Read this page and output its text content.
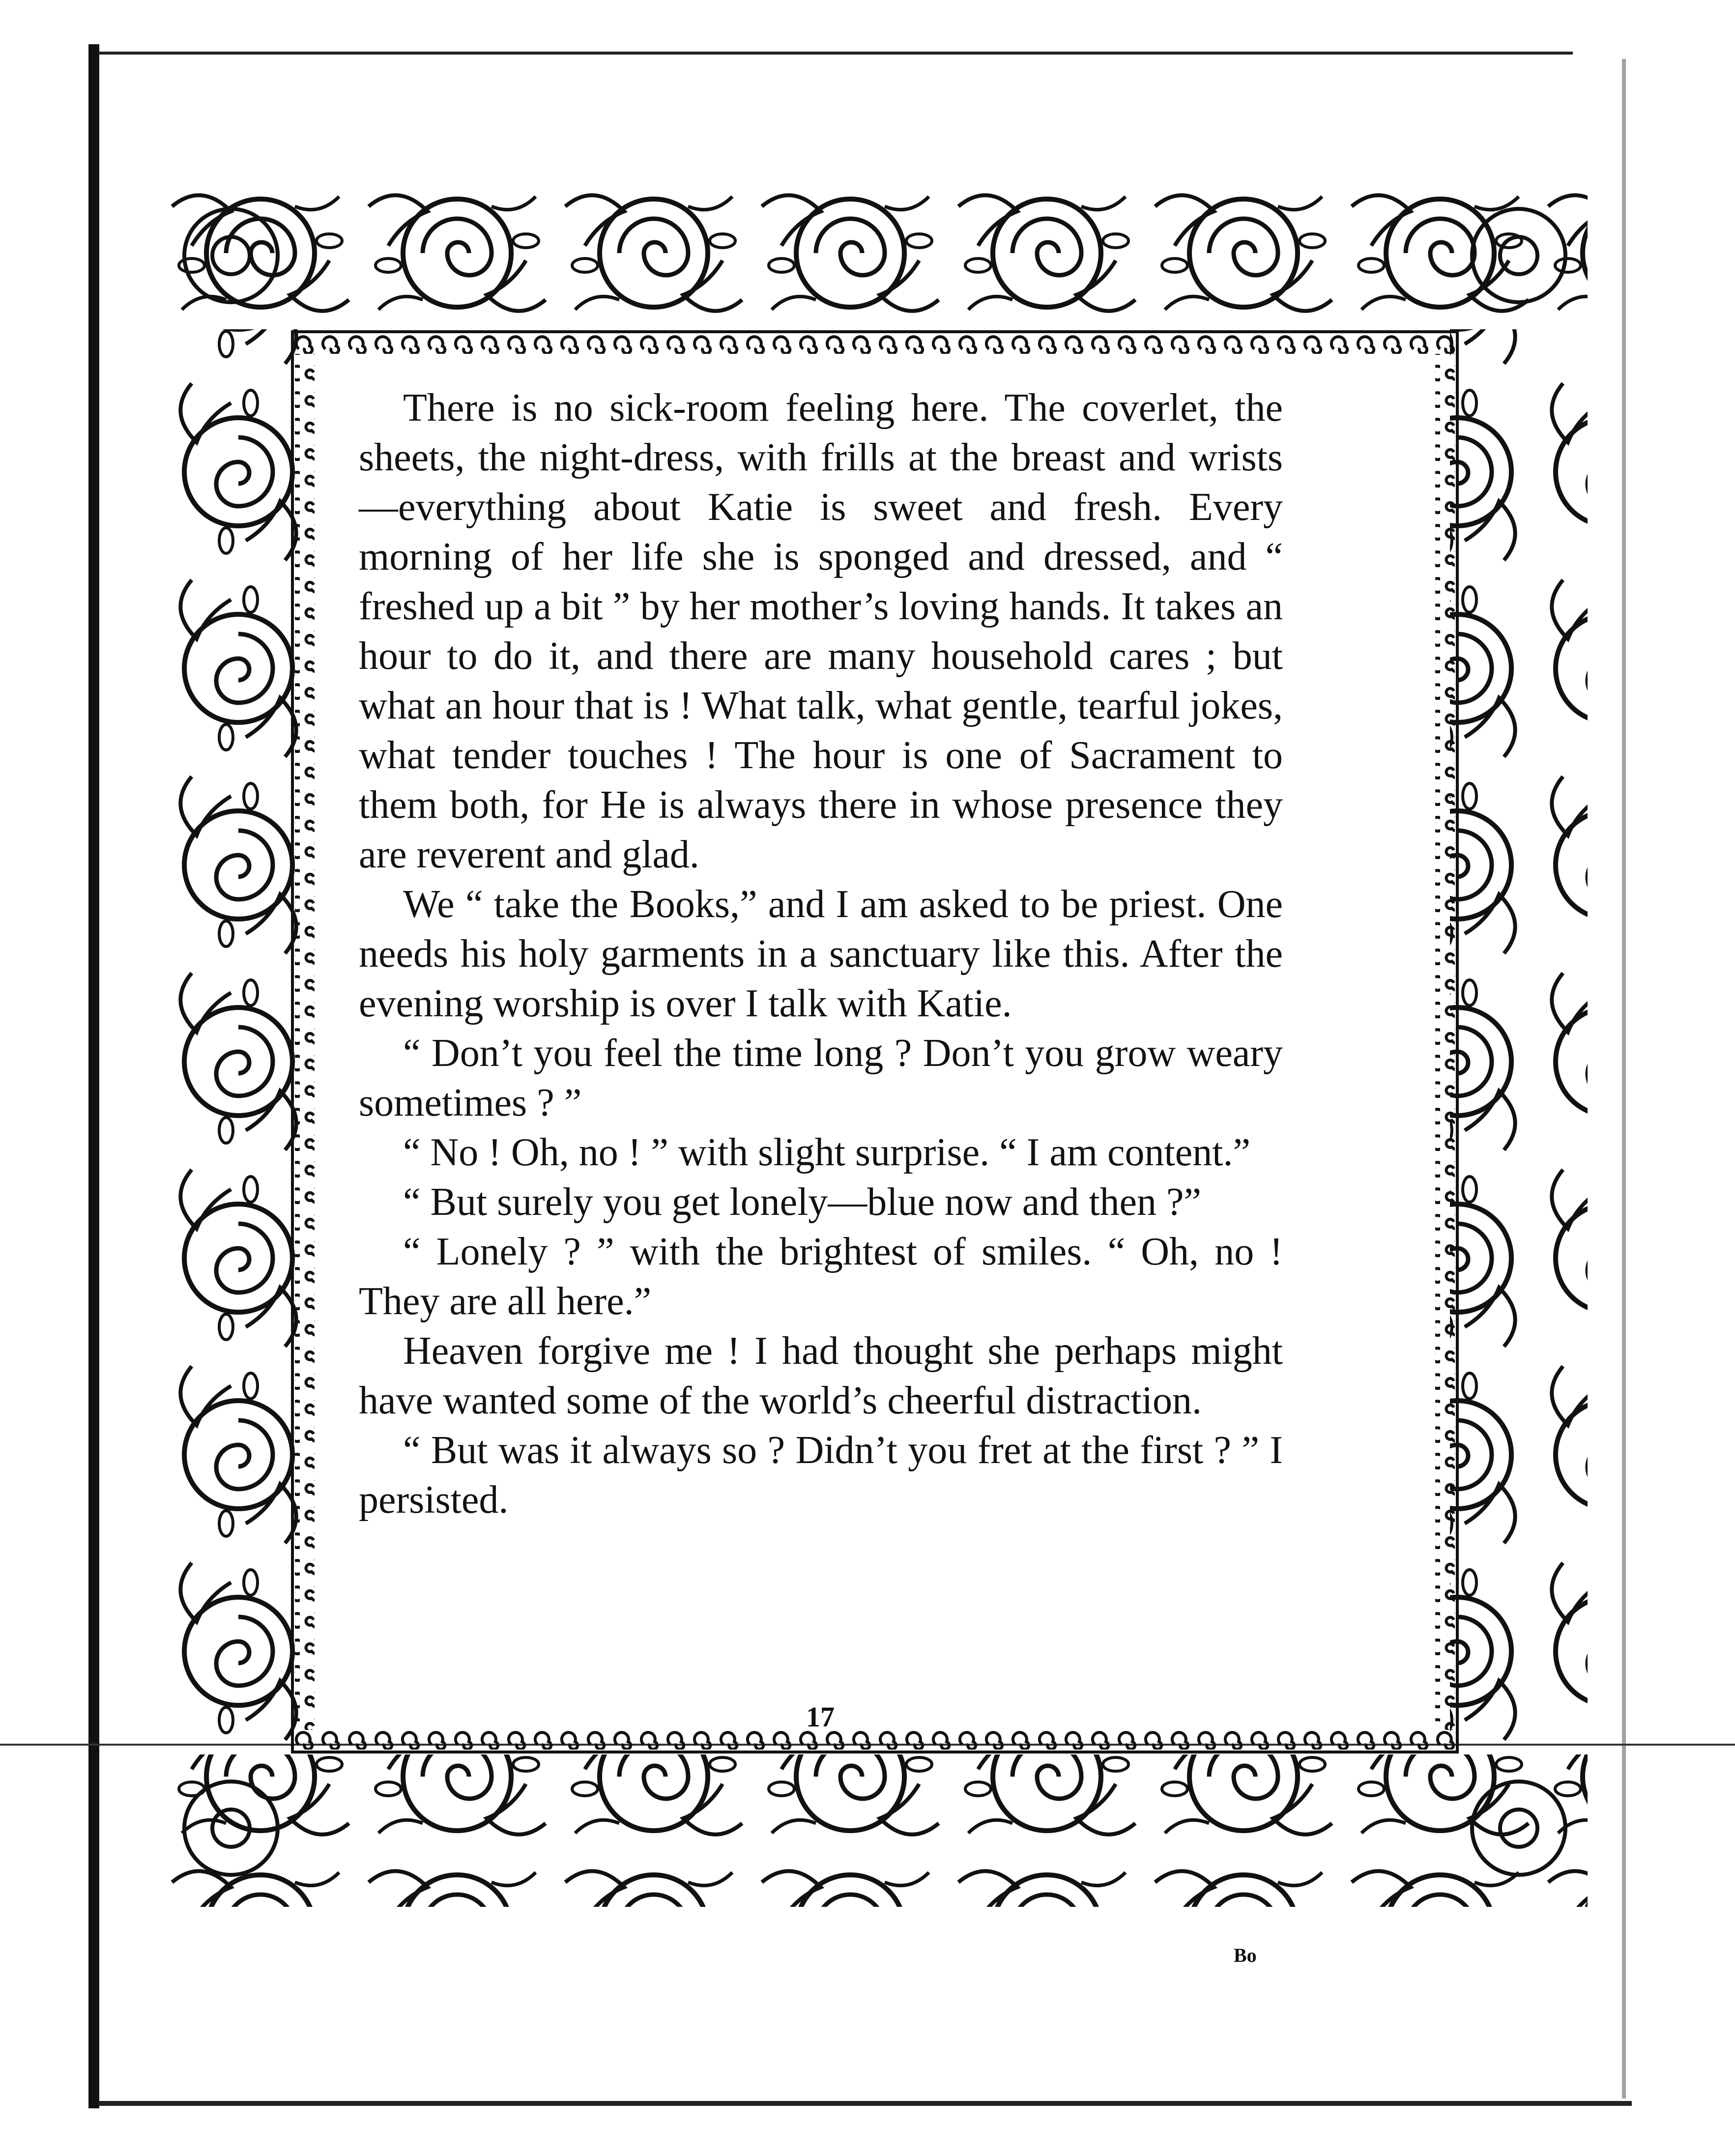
There is no sick-room feeling here. The coverlet, the sheets, the night-dress, with frills at the breast and wrists—everything about Katie is sweet and fresh. Every morning of her life she is sponged and dressed, and “ freshed up a bit ” by her mother’s loving hands. It takes an hour to do it, and there are many household cares ; but what an hour that is ! What talk, what gentle, tearful jokes, what tender touches ! The hour is one of Sacrament to them both, for He is always there in whose presence they are reverent and glad.

We “ take the Books,” and I am asked to be priest. One needs his holy garments in a sanctuary like this. After the evening worship is over I talk with Katie.

“ Don’t you feel the time long ? Don’t you grow weary sometimes ? ”

“ No ! Oh, no ! ” with slight surprise. “ I am content.”

“ But surely you get lonely—blue now and then ?”

“ Lonely ? ” with the brightest of smiles. “ Oh, no ! They are all here.”

Heaven forgive me ! I had thought she perhaps might have wanted some of the world’s cheerful distraction.

“ But was it always so ? Didn’t you fret at the first ? ” I persisted.

17
Bo
